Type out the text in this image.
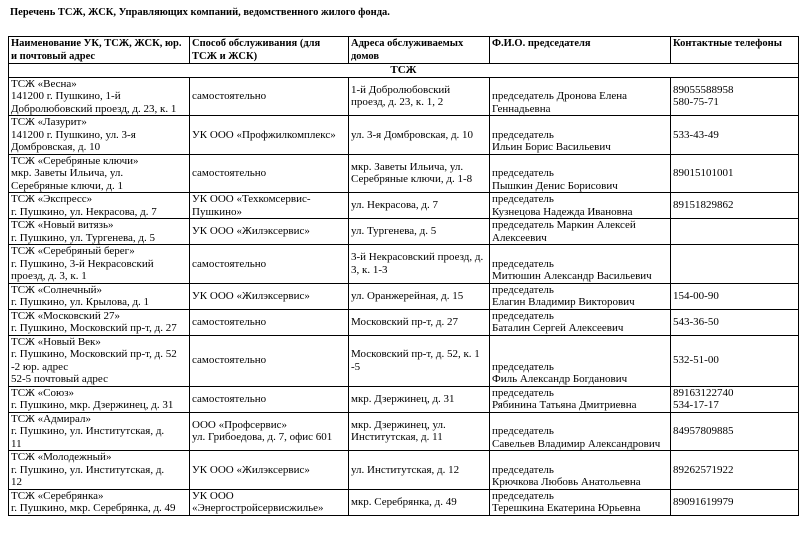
Перечень ТСЖ, ЖСК, Управляющих компаний, ведомственного жилого фонда.
Наименование УК, ТСЖ, ЖСК, юр. и почтовый адрес	Способ обслуживания (для ТСЖ и ЖСК)	Адреса обслуживаемых домов	Ф.И.О. председателя	Контактные телефоны
ТСЖ				

ТСЖ «Весна»
141200 г. Пушкино, 1-й
Добролюбовский проезд, д. 23, к. 1	самостоятельно	1-й Добролюбовский
проезд, д. 23, к. 1, 2	председатель Дронова Елена
Геннадьевна	89055588958
580-75-71

ТСЖ «Лазурит»
141200 г. Пушкино, ул. 3-я
Домбровская, д. 10	УК ООО «Профжилкомплекс»	ул. 3-я Домбровская, д. 10	председатель
Ильин Борис Васильевич	533-43-49

ТСЖ «Серебряные ключи»
мкр. Заветы Ильича, ул.
Серебряные ключи, д. 1	самостоятельно	мкр. Заветы Ильича, ул.
Серебряные ключи, д. 1-8	председатель
Пышкин Денис Борисович	89015101001

ТСЖ «Экспресс»
г. Пушкино, ул. Некрасова, д. 7	УК ООО «Техкомсервис-
Пушкино»	ул. Некрасова, д. 7	председатель
Кузнецова Надежда Ивановна	89151829862

ТСЖ «Новый витязь»
г. Пушкино, ул. Тургенева, д. 5	УК ООО «Жилэксервис»	ул. Тургенева, д. 5	председатель Маркин Алексей
Алексеевич	

ТСЖ «Серебряный берег»
г. Пушкино, 3-й Некрасовский
проезд, д. 3, к. 1	самостоятельно	3-й Некрасовский проезд, д.
3, к. 1-3	председатель
Митюшин Александр Васильевич	

ТСЖ «Солнечный»
г. Пушкино, ул. Крылова, д. 1	УК ООО «Жилэксервис»	ул. Оранжерейная, д. 15	председатель
Елагин Владимир Викторович	154-00-90

ТСЖ «Московский 27»
г. Пушкино, Московский пр-т, д. 27	самостоятельно	Московский пр-т, д. 27	председатель
Баталин Сергей Алексеевич	543-36-50

ТСЖ «Новый Век»
г. Пушкино, Московский пр-т, д. 52
-2 юр. адрес
52-5 почтовый адрес	самостоятельно	Московский пр-т, д. 52, к. 1
-5	председатель
Филь Александр Богданович	532-51-00

ТСЖ «Союз»
г. Пушкино, мкр. Дзержинец, д. 31	самостоятельно	мкр. Дзержинец, д. 31	председатель
Рябинина Татьяна Дмитриевна	89163122740
534-17-17

ТСЖ «Адмирал»
г. Пушкино, ул. Институтская, д.
11	ООО «Профсервис»
ул. Грибоедова, д. 7, офис 601	мкр. Дзержинец, ул.
Институтская, д. 11	председатель
Савельев Владимир Александрович	84957809885

ТСЖ «Молодежный»
г. Пушкино, ул. Институтская, д.
12	УК ООО «Жилэксервис»	ул. Институтская, д. 12	председатель
Крючкова Любовь Анатольевна	89262571922

ТСЖ «Серебрянка»
г. Пушкино, мкр. Серебрянка, д. 49	УК ООО
«Энергостройсервисжилье»	мкр. Серебрянка, д. 49	председатель
Терешкина Екатерина Юрьевна	89091619979
